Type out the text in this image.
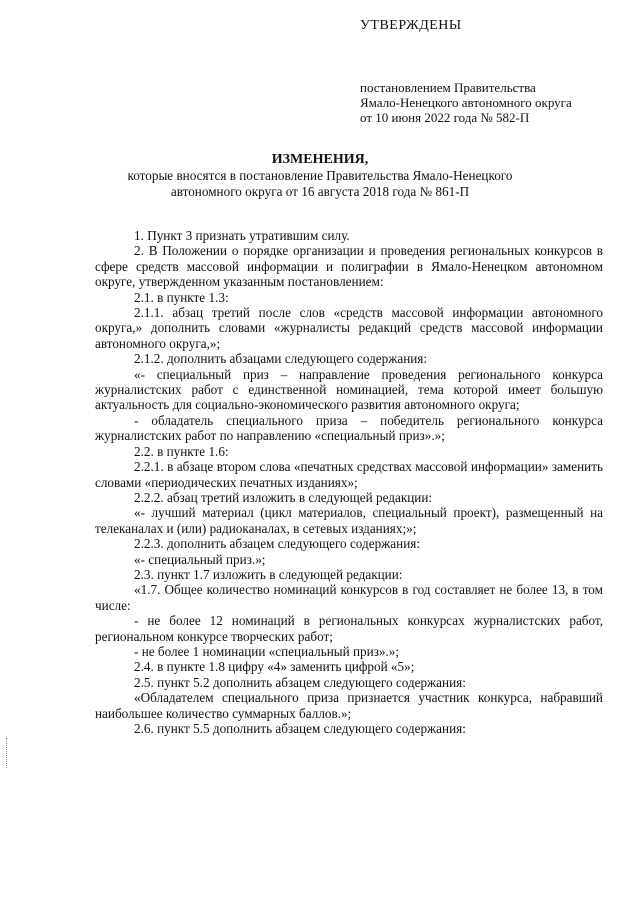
УТВЕРЖДЕНЫ
постановлением Правительства
Ямало-Ненецкого автономного округа
от 10 июня 2022 года № 582-П
ИЗМЕНЕНИЯ,
которые вносятся в постановление Правительства Ямало-Ненецкого
автономного округа от 16 августа 2018 года № 861-П

1. Пункт 3 признать утратившим силу.

2. В Положении о порядке организации и проведения региональных конкурсов в сфере средств массовой информации и полиграфии в Ямало-Ненецком автономном округе, утвержденном указанным постановлением:

2.1. в пункте 1.3:

2.1.1. абзац третий после слов «средств массовой информации автономного округа,» дополнить словами «журналисты редакций средств массовой информации автономного округа,»;

2.1.2. дополнить абзацами следующего содержания:

«- специальный приз – направление проведения регионального конкурса журналистских работ с единственной номинацией, тема которой имеет большую актуальность для социально-экономического развития автономного округа;

- обладатель специального приза – победитель регионального конкурса журналистских работ по направлению «специальный приз».»;

2.2. в пункте 1.6:

2.2.1. в абзаце втором слова «печатных средствах массовой информации» заменить словами «периодических печатных изданиях»;

2.2.2. абзац третий изложить в следующей редакции:

«- лучший материал (цикл материалов, специальный проект), размещенный на телеканалах и (или) радиоканалах, в сетевых изданиях;»;

2.2.3. дополнить абзацем следующего содержания:

«- специальный приз.»;

2.3. пункт 1.7 изложить в следующей редакции:

«1.7. Общее количество номинаций конкурсов в год составляет не более 13, в том числе:

- не более 12 номинаций в региональных конкурсах журналистских работ, региональном конкурсе творческих работ;

- не более 1 номинации «специальный приз».»;

2.4. в пункте 1.8 цифру «4» заменить цифрой «5»;

2.5. пункт 5.2 дополнить абзацем следующего содержания:

«Обладателем специального приза признается участник конкурса, набравший наибольшее количество суммарных баллов.»;

2.6. пункт 5.5 дополнить абзацем следующего содержания:
